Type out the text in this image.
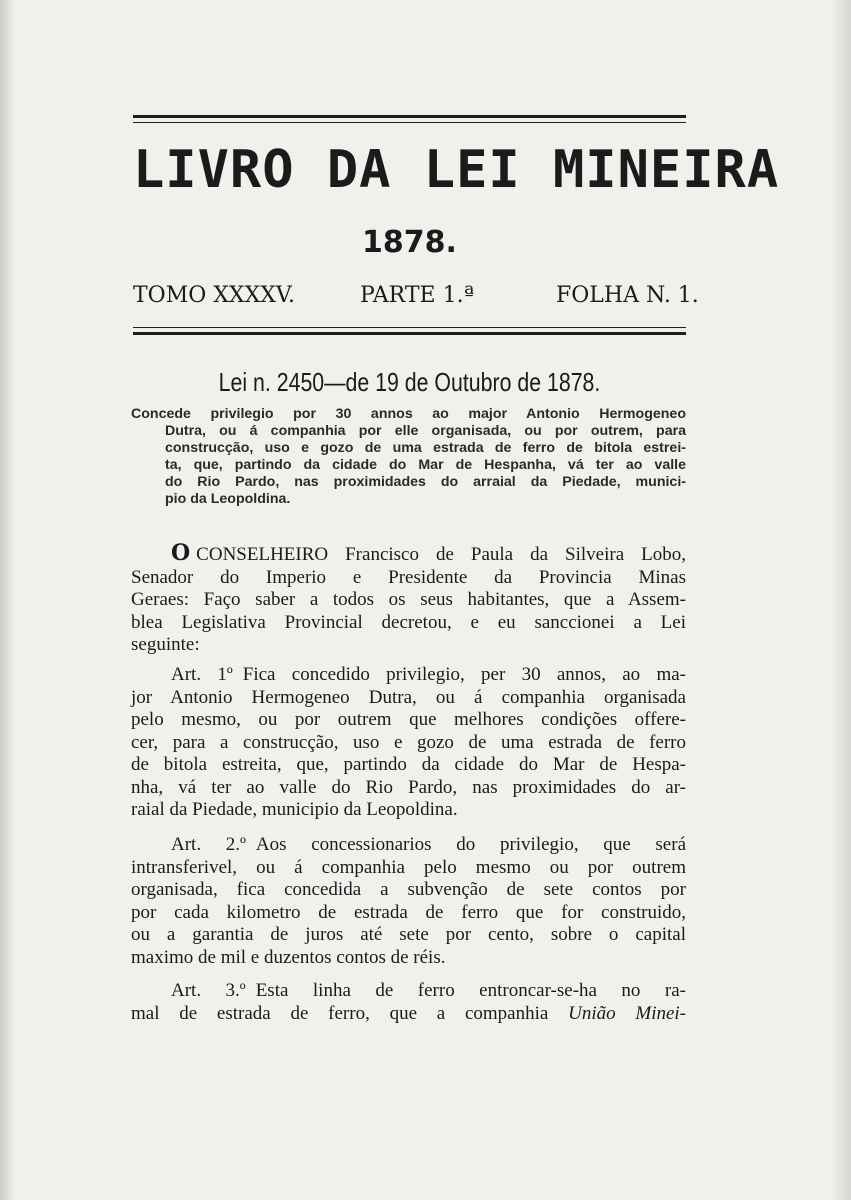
LIVRO DA LEI MINEIRA
1878.
TOMO XXXXV.	PARTE 1.ª	FOLHA N. 1.
Lei n. 2450—de 19 de Outubro de 1878.
Concede privilegio por 30 annos ao major Antonio Hermogeneo
Dutra, ou á companhia por elle organisada, ou por outrem, para
construcção, uso e gozo de uma estrada de ferro de bitola estrei-
ta, que, partindo da cidade do Mar de Hespanha, vá ter ao valle
do Rio Pardo, nas proximidades do arraial da Piedade, munici-
pio da Leopoldina.
O CONSELHEIRO Francisco de Paula da Silveira Lobo,
Senador do Imperio e Presidente da Provincia Minas
Geraes: Faço saber a todos os seus habitantes, que a Assem-
blea Legislativa Provincial decretou, e eu sanccionei a Lei
seguinte:
Art. 1º Fica concedido privilegio, per 30 annos, ao ma-
jor Antonio Hermogeneo Dutra, ou á companhia organisada
pelo mesmo, ou por outrem que melhores condições offere-
cer, para a construcção, uso e gozo de uma estrada de ferro
de bitola estreita, que, partindo da cidade do Mar de Hespa-
nha, vá ter ao valle do Rio Pardo, nas proximidades do ar-
raial da Piedade, municipio da Leopoldina.
Art. 2.º Aos concessionarios do privilegio, que será
intransferivel, ou á companhia pelo mesmo ou por outrem
organisada, fica concedida a subvenção de sete contos por
por cada kilometro de estrada de ferro que for construido,
ou a garantia de juros até sete por cento, sobre o capital
maximo de mil e duzentos contos de réis.
Art. 3.º Esta linha de ferro entroncar-se-ha no ra-
mal de estrada de ferro, que a companhia União Minei-
